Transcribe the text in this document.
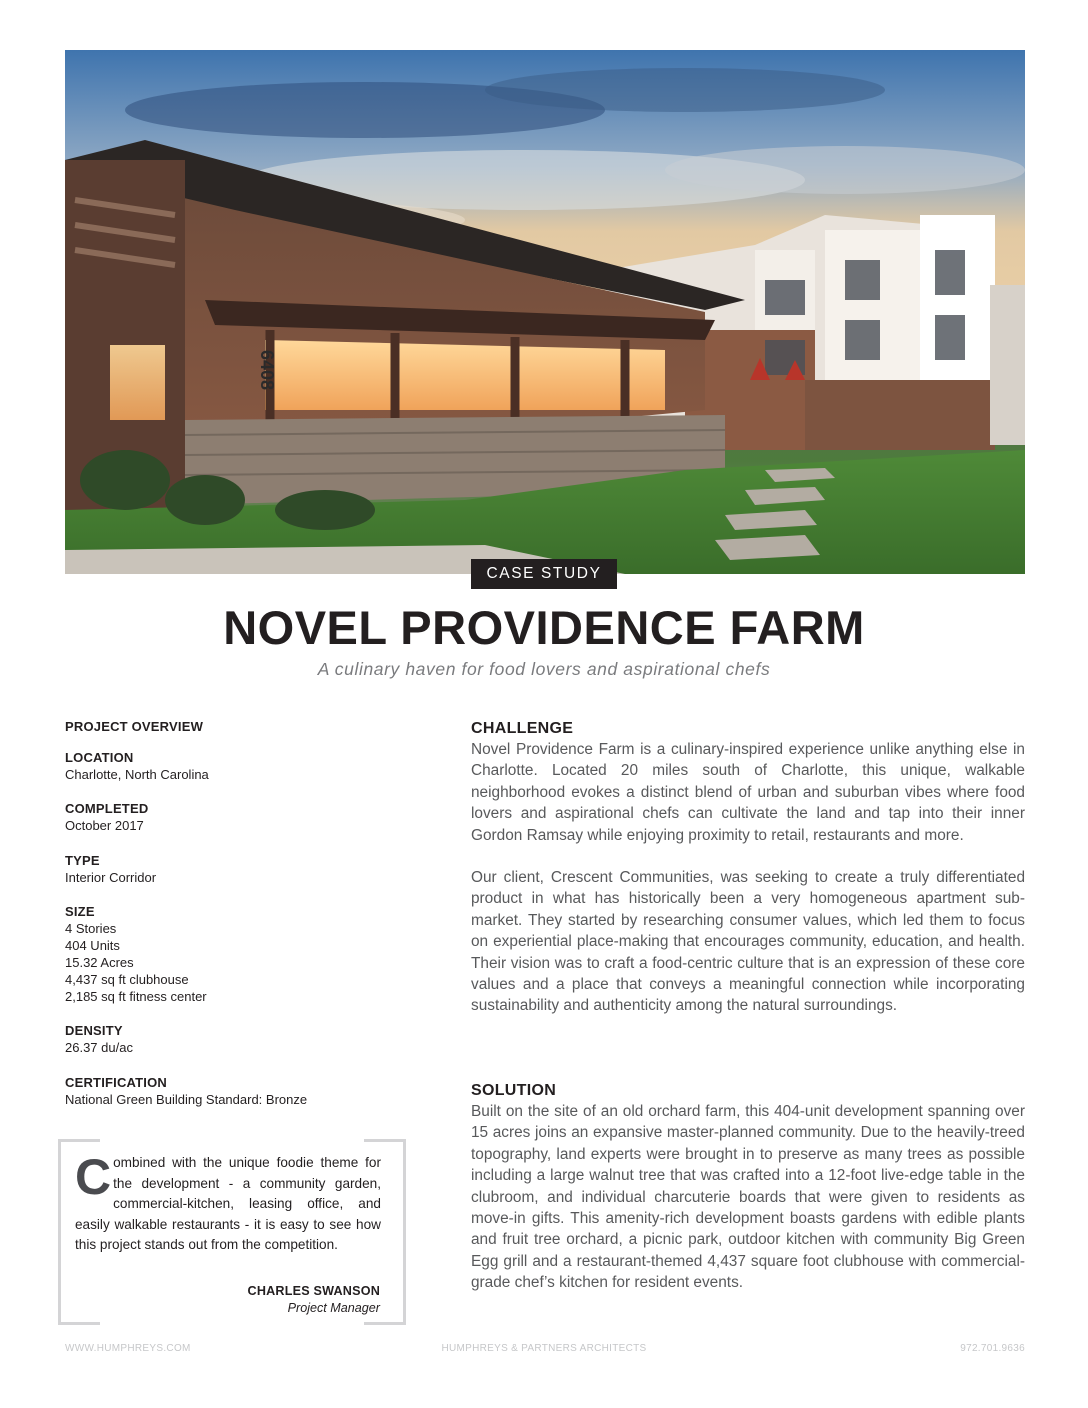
6408
CASE STUDY
NOVEL PROVIDENCE FARM
A culinary haven for food lovers and aspirational chefs
PROJECT OVERVIEW
LOCATION
Charlotte, North Carolina
COMPLETED
October 2017
TYPE
Interior Corridor
SIZE
4 Stories
404 Units
15.32 Acres
4,437 sq ft clubhouse
2,185 sq ft fitness center
DENSITY
26.37 du/ac
CERTIFICATION
National Green Building Standard: Bronze
Combined with the unique foodie theme for the development - a community garden, commercial-kitchen, leasing office, and easily walkable restaurants - it is easy to see how this project stands out from the competition.
CHARLES SWANSON
Project Manager
CHALLENGE

Novel Providence Farm is a culinary-inspired experience unlike anything else in Charlotte. Located 20 miles south of Charlotte, this unique, walkable neighborhood evokes a distinct blend of urban and suburban vibes where food lovers and aspirational chefs can cultivate the land and tap into their inner Gordon Ramsay while enjoying proximity to retail, restaurants and more.

Our client, Crescent Communities, was seeking to create a truly differentiated product in what has historically been a very homogeneous apartment sub-market. They started by researching consumer values, which led them to focus on experiential place-making that encourages community, education, and health. Their vision was to craft a food-centric culture that is an expression of these core values and a place that conveys a meaningful connection while incorporating sustainability and authenticity among the natural surroundings.

SOLUTION

Built on the site of an old orchard farm, this 404-unit development spanning over 15 acres joins an expansive master-planned community. Due to the heavily-treed topography, land experts were brought in to preserve as many trees as possible including a large walnut tree that was crafted into a 12-foot live-edge table in the clubroom, and individual charcuterie boards that were given to residents as move-in gifts. This amenity-rich development boasts gardens with edible plants and fruit tree orchard, a picnic park, outdoor kitchen with community Big Green Egg grill and a restaurant-themed 4,437 square foot clubhouse with commercial-grade chef’s kitchen for resident events.

WWW.HUMPHREYS.COM	HUMPHREYS & PARTNERS ARCHITECTS	972.701.9636
